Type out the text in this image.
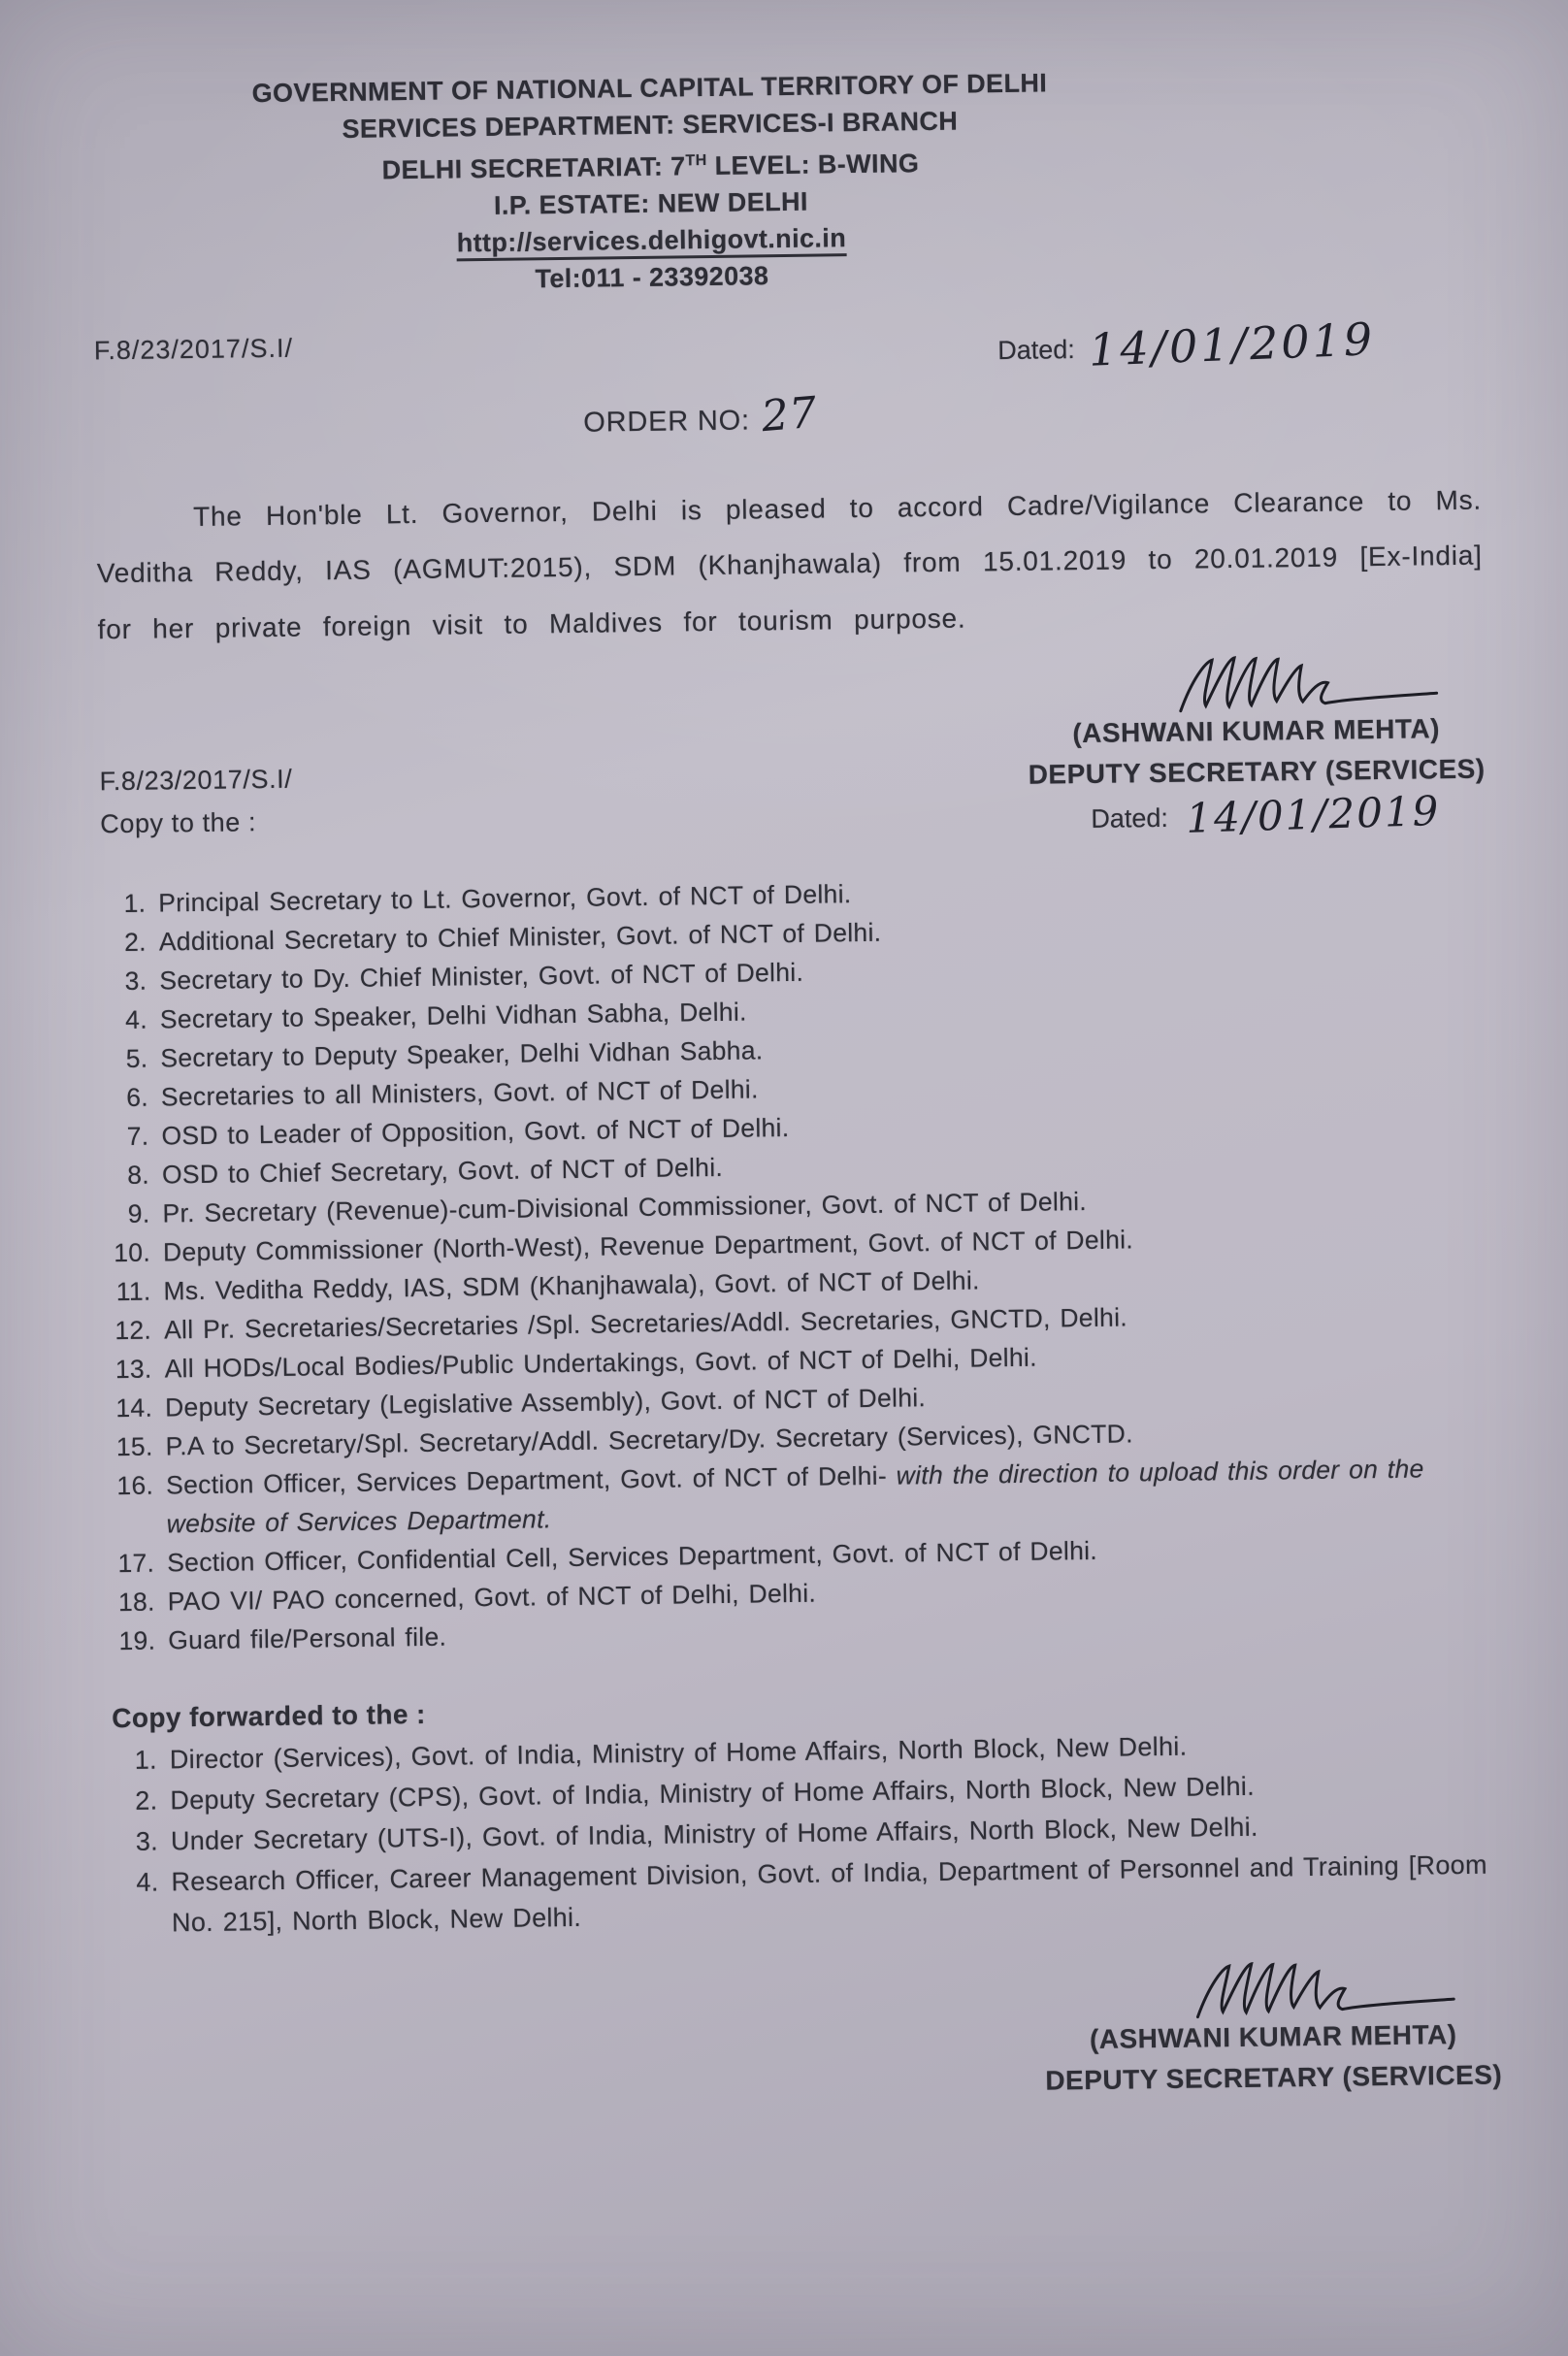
GOVERNMENT OF NATIONAL CAPITAL TERRITORY OF DELHI
SERVICES DEPARTMENT: SERVICES-I BRANCH
DELHI SECRETARIAT: 7TH LEVEL: B-WING
I.P. ESTATE: NEW DELHI
http://services.delhigovt.nic.in
Tel:011 - 23392038
F.8/23/2017/S.I/	Dated: 14/01/2019
ORDER NO: 27

The Hon'ble Lt. Governor, Delhi is pleased to accord Cadre/Vigilance Clearance to Ms. Veditha Reddy, IAS (AGMUT:2015), SDM (Khanjhawala) from 15.01.2019 to 20.01.2019 [Ex-India] for her private foreign visit to Maldives for tourism purpose.

F.8/23/2017/S.I/
Copy to the :
(ASHWANI KUMAR MEHTA)
DEPUTY SECRETARY (SERVICES)
Dated: 14/01/2019
1. Principal Secretary to Lt. Governor, Govt. of NCT of Delhi.
2. Additional Secretary to Chief Minister, Govt. of NCT of Delhi.
3. Secretary to Dy. Chief Minister, Govt. of NCT of Delhi.
4. Secretary to Speaker, Delhi Vidhan Sabha, Delhi.
5. Secretary to Deputy Speaker, Delhi Vidhan Sabha.
6. Secretaries to all Ministers, Govt. of NCT of Delhi.
7. OSD to Leader of Opposition, Govt. of NCT of Delhi.
8. OSD to Chief Secretary, Govt. of NCT of Delhi.
9. Pr. Secretary (Revenue)-cum-Divisional Commissioner, Govt. of NCT of Delhi.
10. Deputy Commissioner (North-West), Revenue Department, Govt. of NCT of Delhi.
11. Ms. Veditha Reddy, IAS, SDM (Khanjhawala), Govt. of NCT of Delhi.
12. All Pr. Secretaries/Secretaries /Spl. Secretaries/Addl. Secretaries, GNCTD, Delhi.
13. All HODs/Local Bodies/Public Undertakings, Govt. of NCT of Delhi, Delhi.
14. Deputy Secretary (Legislative Assembly), Govt. of NCT of Delhi.
15. P.A to Secretary/Spl. Secretary/Addl. Secretary/Dy. Secretary (Services), GNCTD.
16. Section Officer, Services Department, Govt. of NCT of Delhi- with the direction to upload this order on the website of Services Department.
17. Section Officer, Confidential Cell, Services Department, Govt. of NCT of Delhi.
18. PAO VI/ PAO concerned, Govt. of NCT of Delhi, Delhi.
19. Guard file/Personal file.
Copy forwarded to the :
1. Director (Services), Govt. of India, Ministry of Home Affairs, North Block, New Delhi.
2. Deputy Secretary (CPS), Govt. of India, Ministry of Home Affairs, North Block, New Delhi.
3. Under Secretary (UTS-I), Govt. of India, Ministry of Home Affairs, North Block, New Delhi.
4. Research Officer, Career Management Division, Govt. of India, Department of Personnel and Training [Room No. 215], North Block, New Delhi.
(ASHWANI KUMAR MEHTA)
DEPUTY SECRETARY (SERVICES)
